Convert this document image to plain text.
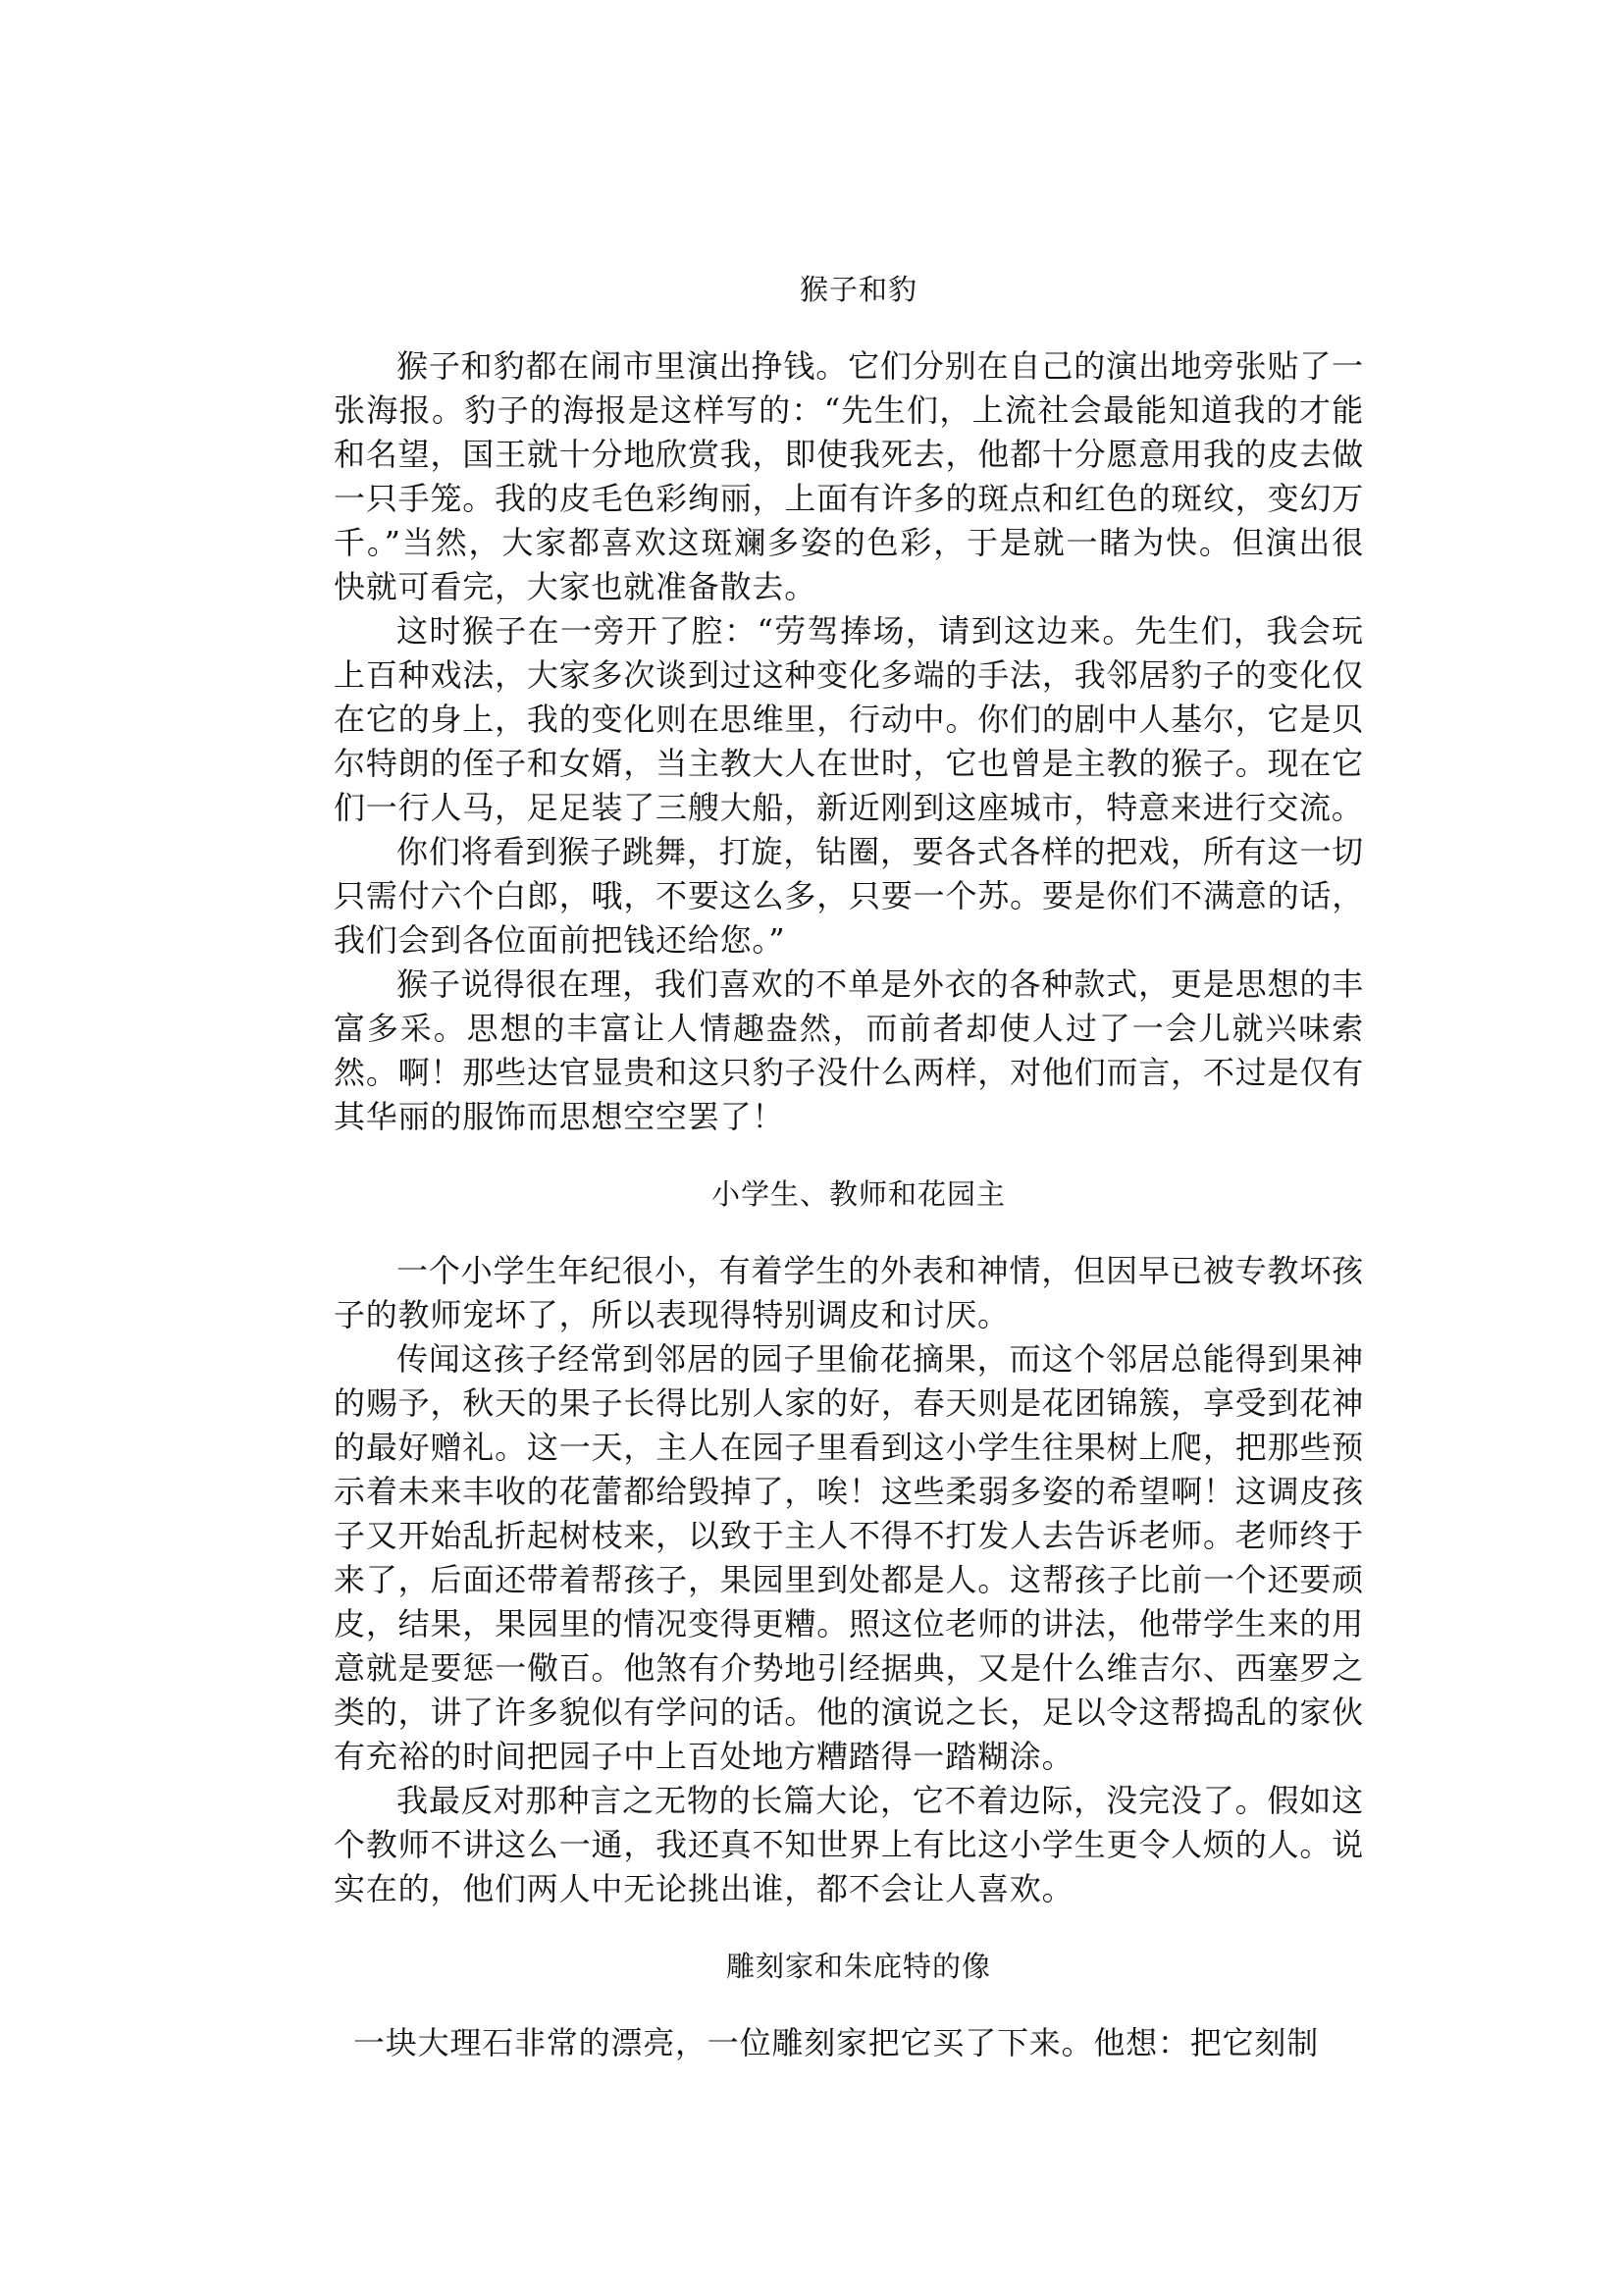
猴子和豹

猴子和豹都在闹市里演出挣钱。它们分别在自己的演出地旁张贴了一张海报。豹子的海报是这样写的：“先生们，上流社会最能知道我的才能和名望，国王就十分地欣赏我，即使我死去，他都十分愿意用我的皮去做一只手笼。我的皮毛色彩绚丽，上面有许多的斑点和红色的斑纹，变幻万千。”当然，大家都喜欢这斑斓多姿的色彩，于是就一睹为快。但演出很快就可看完，大家也就准备散去。

这时猴子在一旁开了腔：“劳驾捧场，请到这边来。先生们，我会玩上百种戏法，大家多次谈到过这种变化多端的手法，我邻居豹子的变化仅在它的身上，我的变化则在思维里，行动中。你们的剧中人基尔，它是贝尔特朗的侄子和女婿，当主教大人在世时，它也曾是主教的猴子。现在它们一行人马，足足装了三艘大船，新近刚到这座城市，特意来进行交流。

你们将看到猴子跳舞，打旋，钻圈，要各式各样的把戏，所有这一切只需付六个白郎，哦，不要这么多，只要一个苏。要是你们不满意的话，我们会到各位面前把钱还给您。”

猴子说得很在理，我们喜欢的不单是外衣的各种款式，更是思想的丰富多采。思想的丰富让人情趣盎然，而前者却使人过了一会儿就兴味索然。啊！那些达官显贵和这只豹子没什么两样，对他们而言，不过是仅有其华丽的服饰而思想空空罢了！

小学生、教师和花园主

一个小学生年纪很小，有着学生的外表和神情，但因早已被专教坏孩子的教师宠坏了，所以表现得特别调皮和讨厌。

传闻这孩子经常到邻居的园子里偷花摘果，而这个邻居总能得到果神的赐予，秋天的果子长得比别人家的好，春天则是花团锦簇，享受到花神的最好赠礼。这一天，主人在园子里看到这小学生往果树上爬，把那些预示着未来丰收的花蕾都给毁掉了，唉！这些柔弱多姿的希望啊！这调皮孩子又开始乱折起树枝来，以致于主人不得不打发人去告诉老师。老师终于来了，后面还带着帮孩子，果园里到处都是人。这帮孩子比前一个还要顽皮，结果，果园里的情况变得更糟。照这位老师的讲法，他带学生来的用意就是要惩一儆百。他煞有介势地引经据典，又是什么维吉尔、西塞罗之类的，讲了许多貌似有学问的话。他的演说之长，足以令这帮捣乱的家伙有充裕的时间把园子中上百处地方糟踏得一踏糊涂。

我最反对那种言之无物的长篇大论，它不着边际，没完没了。假如这个教师不讲这么一通，我还真不知世界上有比这小学生更令人烦的人。说实在的，他们两人中无论挑出谁，都不会让人喜欢。

雕刻家和朱庇特的像

一块大理石非常的漂亮，一位雕刻家把它买了下来。他想：把它刻制
